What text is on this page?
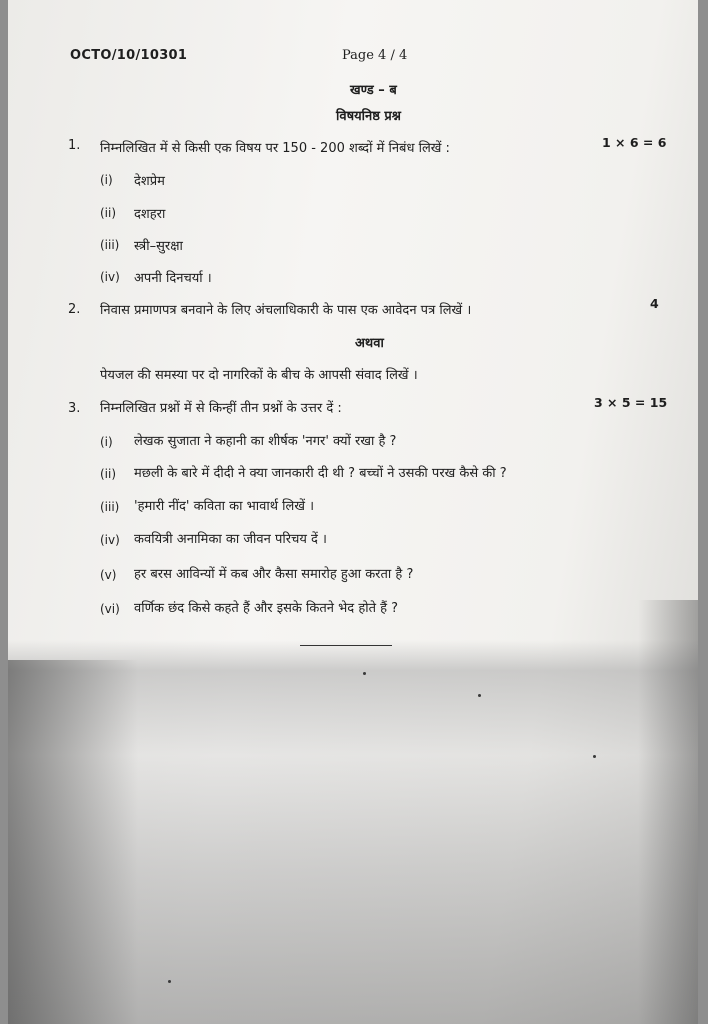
OCTO/10/10301	Page 4 / 4
खण्ड – ब
विषयनिष्ठ प्रश्न
1. निम्नलिखित में से किसी एक विषय पर 150 - 200 शब्दों में निबंध लिखें :	1 × 6 = 6
(i) देशप्रेम
(ii) दशहरा
(iii) स्त्री–सुरक्षा
(iv) अपनी दिनचर्या ।
2. निवास प्रमाणपत्र बनवाने के लिए अंचलाधिकारी के पास एक आवेदन पत्र लिखें ।	4
अथवा
पेयजल की समस्या पर दो नागरिकों के बीच के आपसी संवाद लिखें ।
3. निम्नलिखित प्रश्नों में से किन्हीं तीन प्रश्नों के उत्तर दें :	3 × 5 = 15
(i) लेखक सुजाता ने कहानी का शीर्षक 'नगर' क्यों रखा है ?
(ii) मछली के बारे में दीदी ने क्या जानकारी दी थी ? बच्चों ने उसकी परख कैसे की ?
(iii) 'हमारी नींद' कविता का भावार्थ लिखें ।
(iv) कवयित्री अनामिका का जीवन परिचय दें ।
(v) हर बरस आविन्यों में कब और कैसा समारोह हुआ करता है ?
(vi) वर्णिक छंद किसे कहते हैं और इसके कितने भेद होते हैं ?
